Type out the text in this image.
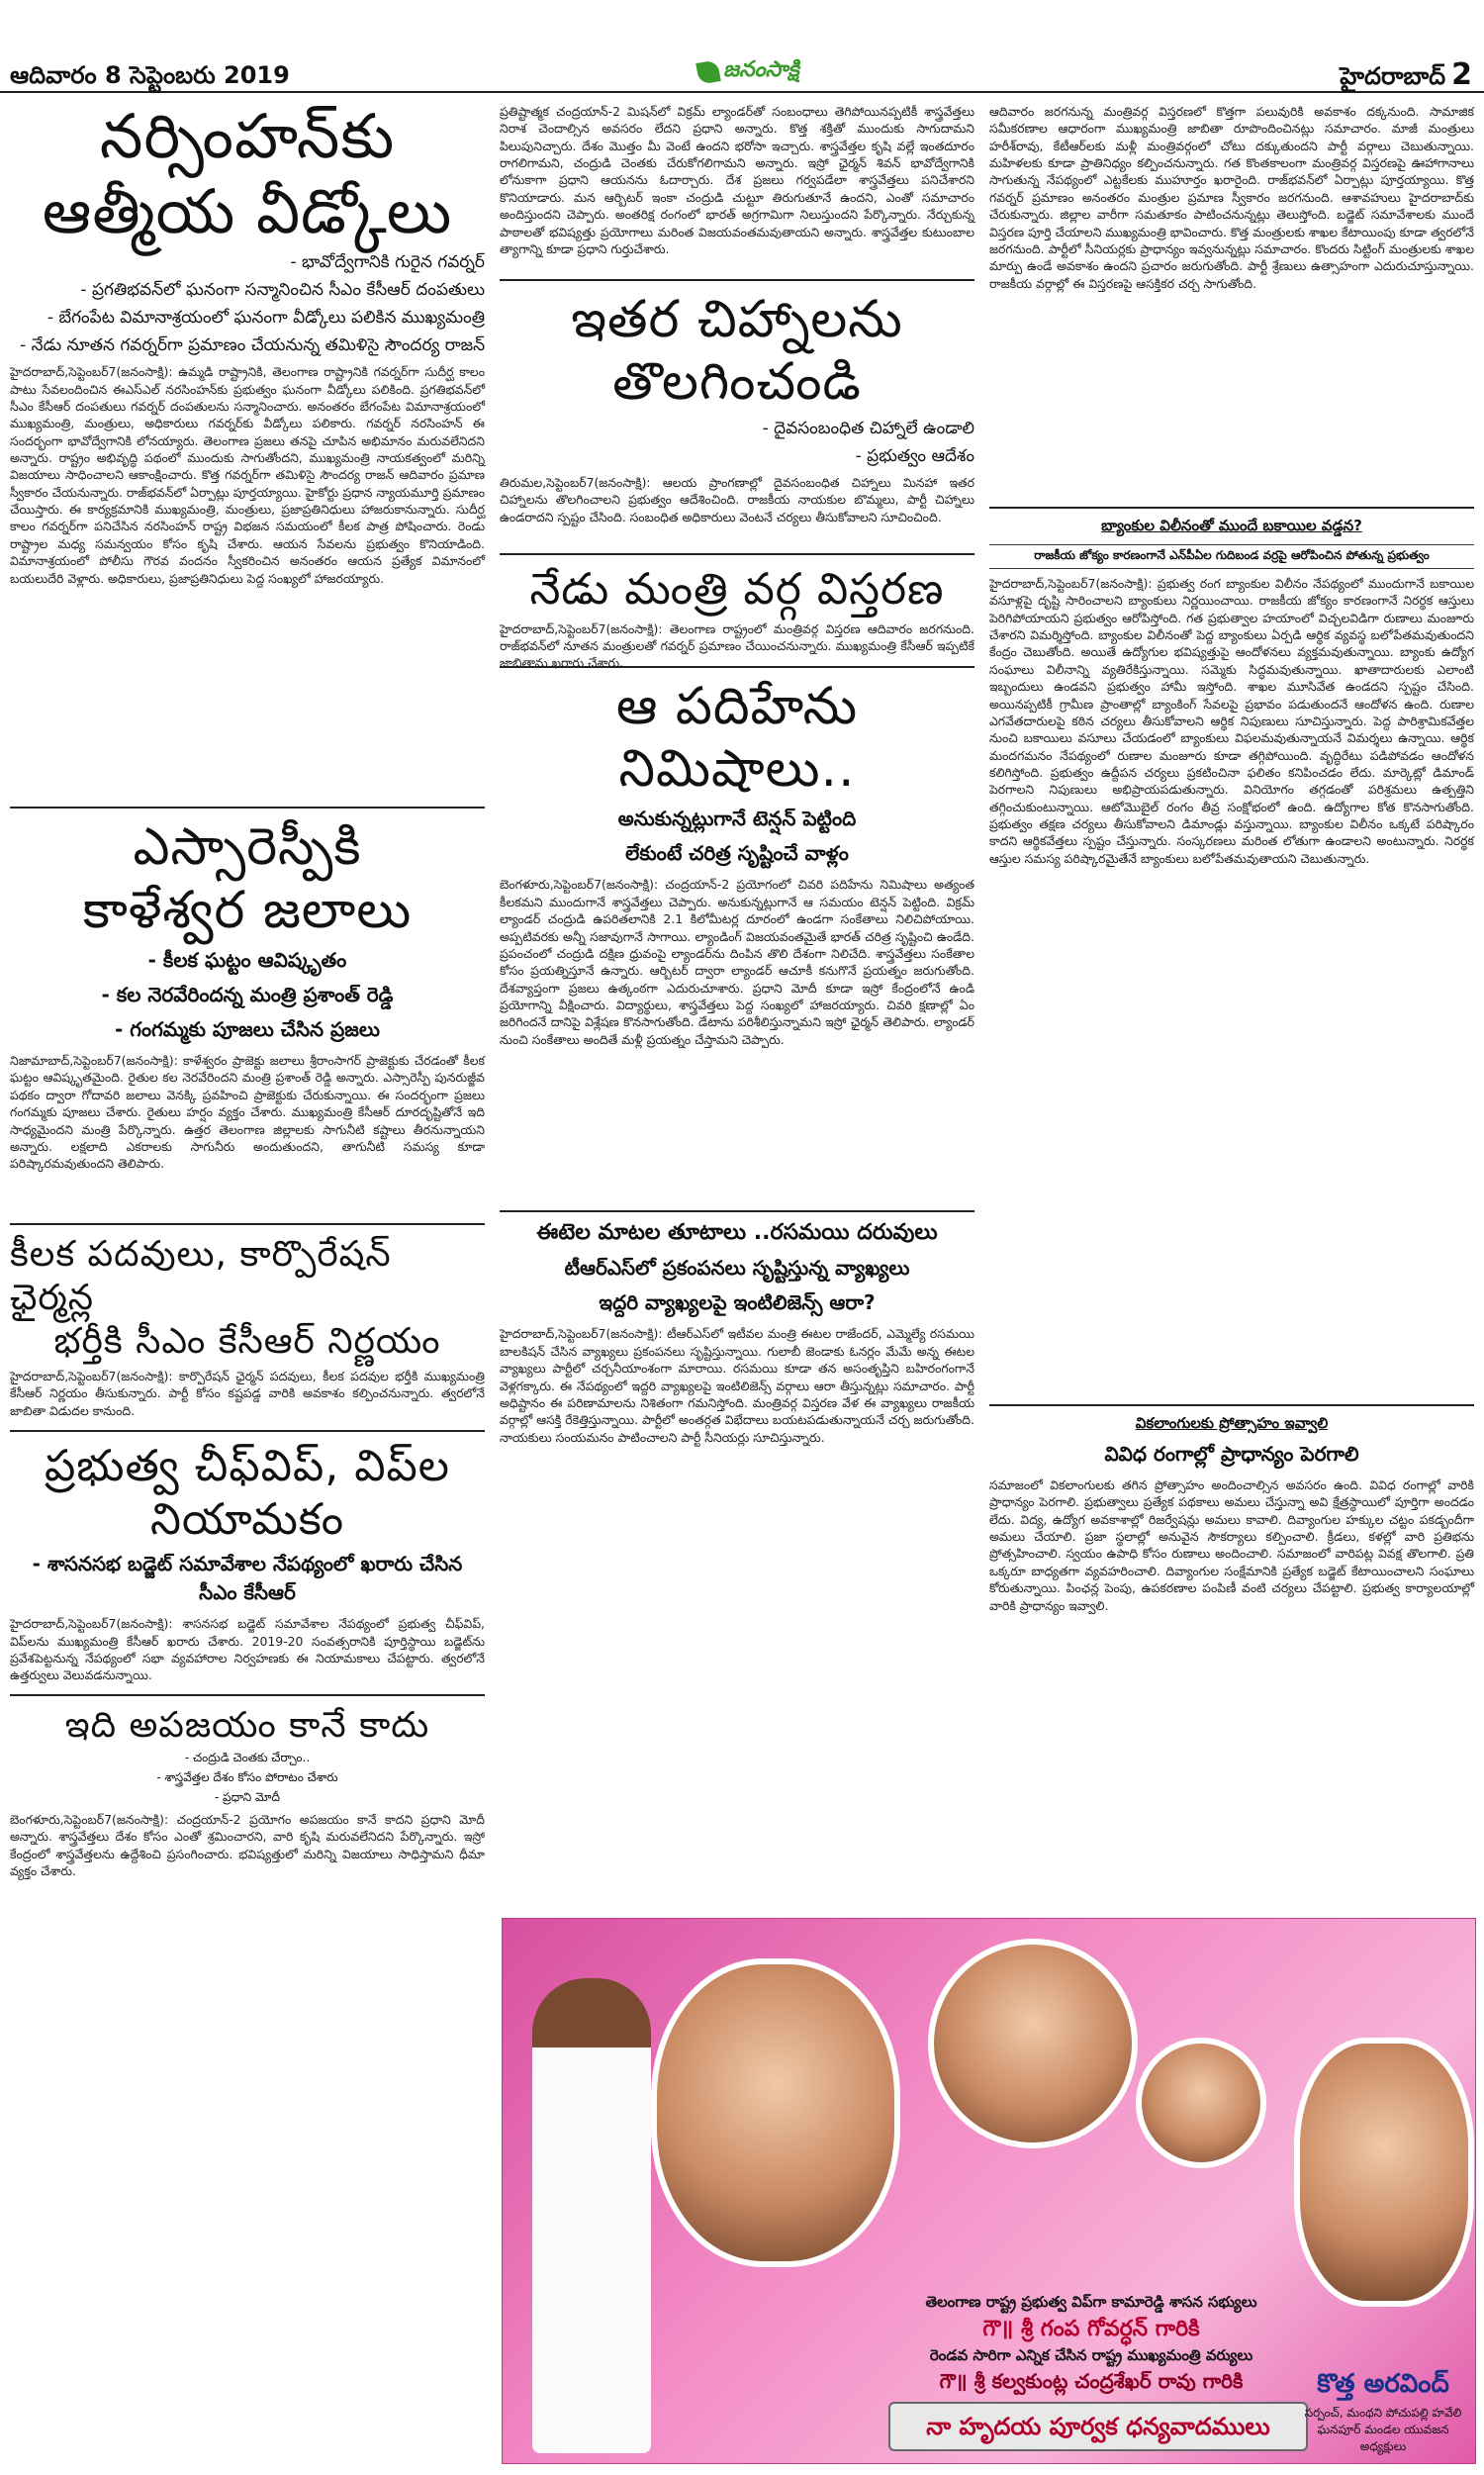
ఆదివారం 8 సెప్టెంబరు 2019	జనంసాక్షి	హైదరాబాద్ 2
నర్సింహన్‌కు
ఆత్మీయ వీడ్కోలు
- భావోద్వేగానికి గురైన గవర్నర్
- ప్రగతిభవన్‌లో ఘనంగా సన్మానించిన సీఎం కేసీఆర్ దంపతులు
- బేగంపేట విమానాశ్రయంలో ఘనంగా వీడ్కోలు పలికిన ముఖ్యమంత్రి
- నేడు నూతన గవర్నర్‌గా ప్రమాణం చేయనున్న తమిళిసై సౌందర్య రాజన్

హైదరాబాద్,సెప్టెంబర్7(జనంసాక్షి): ఉమ్మడి రాష్ట్రానికి, తెలంగాణ రాష్ట్రానికి గవర్నర్‌గా సుదీర్ఘ కాలం పాటు సేవలందించిన ఈఎస్‌ఎల్ నరసింహన్‌కు ప్రభుత్వం ఘనంగా వీడ్కోలు పలికింది. ప్రగతిభవన్‌లో సీఎం కేసీఆర్ దంపతులు గవర్నర్ దంపతులను సన్మానించారు. అనంతరం బేగంపేట విమానాశ్రయంలో ముఖ్యమంత్రి, మంత్రులు, అధికారులు గవర్నర్‌కు వీడ్కోలు పలికారు. గవర్నర్ నరసింహన్ ఈ సందర్భంగా భావోద్వేగానికి లోనయ్యారు. తెలంగాణ ప్రజలు తనపై చూపిన అభిమానం మరువలేనిదని అన్నారు. రాష్ట్రం అభివృద్ధి పథంలో ముందుకు సాగుతోందని, ముఖ్యమంత్రి నాయకత్వంలో మరిన్ని విజయాలు సాధించాలని ఆకాంక్షించారు. కొత్త గవర్నర్‌గా తమిళిసై సౌందర్య రాజన్ ఆదివారం ప్రమాణ స్వీకారం చేయనున్నారు. రాజ్‌భవన్‌లో ఏర్పాట్లు పూర్తయ్యాయి. హైకోర్టు ప్రధాన న్యాయమూర్తి ప్రమాణం చేయిస్తారు. ఈ కార్యక్రమానికి ముఖ్యమంత్రి, మంత్రులు, ప్రజాప్రతినిధులు హాజరుకానున్నారు. సుదీర్ఘ కాలం గవర్నర్‌గా పనిచేసిన నరసింహన్ రాష్ట్ర విభజన సమయంలో కీలక పాత్ర పోషించారు. రెండు రాష్ట్రాల మధ్య సమన్వయం కోసం కృషి చేశారు. ఆయన సేవలను ప్రభుత్వం కొనియాడింది. విమానాశ్రయంలో పోలీసు గౌరవ వందనం స్వీకరించిన అనంతరం ఆయన ప్రత్యేక విమానంలో బయలుదేరి వెళ్లారు. అధికారులు, ప్రజాప్రతినిధులు పెద్ద సంఖ్యలో హాజరయ్యారు.

ఎస్సారెస్పీకి
కాళేశ్వర జలాలు
- కీలక ఘట్టం ఆవిష్కృతం
- కల నెరవేరిందన్న మంత్రి ప్రశాంత్ రెడ్డి
- గంగమ్మకు పూజలు చేసిన ప్రజలు

నిజామాబాద్,సెప్టెంబర్7(జనంసాక్షి): కాళేశ్వరం ప్రాజెక్టు జలాలు శ్రీరాంసాగర్ ప్రాజెక్టుకు చేరడంతో కీలక ఘట్టం ఆవిష్కృతమైంది. రైతుల కల నెరవేరిందని మంత్రి ప్రశాంత్ రెడ్డి అన్నారు. ఎస్సారెస్పీ పునరుజ్జీవ పథకం ద్వారా గోదావరి జలాలు వెనక్కి ప్రవహించి ప్రాజెక్టుకు చేరుకున్నాయి. ఈ సందర్భంగా ప్రజలు గంగమ్మకు పూజలు చేశారు. రైతులు హర్షం వ్యక్తం చేశారు. ముఖ్యమంత్రి కేసీఆర్ దూరదృష్టితోనే ఇది సాధ్యమైందని మంత్రి పేర్కొన్నారు. ఉత్తర తెలంగాణ జిల్లాలకు సాగునీటి కష్టాలు తీరనున్నాయని అన్నారు. లక్షలాది ఎకరాలకు సాగునీరు అందుతుందని, తాగునీటి సమస్య కూడా పరిష్కారమవుతుందని తెలిపారు.

కీలక పదవులు, కార్పొరేషన్ ఛైర్మన్ల
భర్తీకి సీఎం కేసీఆర్ నిర్ణయం

హైదరాబాద్,సెప్టెంబర్7(జనంసాక్షి): కార్పొరేషన్ ఛైర్మన్ పదవులు, కీలక పదవుల భర్తీకి ముఖ్యమంత్రి కేసీఆర్ నిర్ణయం తీసుకున్నారు. పార్టీ కోసం కష్టపడ్డ వారికి అవకాశం కల్పించనున్నారు. త్వరలోనే జాబితా విడుదల కానుంది.

ప్రభుత్వ చీఫ్‌విప్, విప్‌ల
నియామకం
- శాసనసభ బడ్జెట్ సమావేశాల నేపథ్యంలో ఖరారు చేసిన సీఎం కేసీఆర్

హైదరాబాద్,సెప్టెంబర్7(జనంసాక్షి): శాసనసభ బడ్జెట్ సమావేశాల నేపథ్యంలో ప్రభుత్వ చీఫ్‌విప్, విప్‌లను ముఖ్యమంత్రి కేసీఆర్ ఖరారు చేశారు. 2019-20 సంవత్సరానికి పూర్తిస్థాయి బడ్జెట్‌ను ప్రవేశపెట్టనున్న నేపథ్యంలో సభా వ్యవహారాల నిర్వహణకు ఈ నియామకాలు చేపట్టారు. త్వరలోనే ఉత్తర్వులు వెలువడనున్నాయి.

ఇది అపజయం కానే కాదు
- చంద్రుడి చెంతకు చేర్చాం..
- శాస్త్రవేత్తల దేశం కోసం పోరాటం చేశారు
- ప్రధాని మోదీ

బెంగళూరు,సెప్టెంబర్7(జనంసాక్షి): చంద్రయాన్-2 ప్రయోగం అపజయం కానే కాదని ప్రధాని మోదీ అన్నారు. శాస్త్రవేత్తలు దేశం కోసం ఎంతో శ్రమించారని, వారి కృషి మరువలేనిదని పేర్కొన్నారు. ఇస్రో కేంద్రంలో శాస్త్రవేత్తలను ఉద్దేశించి ప్రసంగించారు. భవిష్యత్తులో మరిన్ని విజయాలు సాధిస్తామని ధీమా వ్యక్తం చేశారు.

ప్రతిష్టాత్మక చంద్రయాన్-2 మిషన్‌లో విక్రమ్ ల్యాండర్‌తో సంబంధాలు తెగిపోయినప్పటికీ శాస్త్రవేత్తలు నిరాశ చెందాల్సిన అవసరం లేదని ప్రధాని అన్నారు. కొత్త శక్తితో ముందుకు సాగుదామని పిలుపునిచ్చారు. దేశం మొత్తం మీ వెంటే ఉందని భరోసా ఇచ్చారు. శాస్త్రవేత్తల కృషి వల్లే ఇంతదూరం రాగలిగామని, చంద్రుడి చెంతకు చేరుకోగలిగామని అన్నారు. ఇస్రో ఛైర్మన్ శివన్ భావోద్వేగానికి లోనుకాగా ప్రధాని ఆయనను ఓదార్చారు. దేశ ప్రజలు గర్వపడేలా శాస్త్రవేత్తలు పనిచేశారని కొనియాడారు. మన ఆర్బిటర్ ఇంకా చంద్రుడి చుట్టూ తిరుగుతూనే ఉందని, ఎంతో సమాచారం అందిస్తుందని చెప్పారు. అంతరిక్ష రంగంలో భారత్ అగ్రగామిగా నిలుస్తుందని పేర్కొన్నారు. నేర్చుకున్న పాఠాలతో భవిష్యత్తు ప్రయోగాలు మరింత విజయవంతమవుతాయని అన్నారు. శాస్త్రవేత్తల కుటుంబాల త్యాగాన్ని కూడా ప్రధాని గుర్తుచేశారు.

ఇతర చిహ్నాలను
తొలగించండి
- దైవసంబంధిత చిహ్నాలే ఉండాలి
- ప్రభుత్వం ఆదేశం

తిరుమల,సెప్టెంబర్7(జనంసాక్షి): ఆలయ ప్రాంగణాల్లో దైవసంబంధిత చిహ్నాలు మినహా ఇతర చిహ్నాలను తొలగించాలని ప్రభుత్వం ఆదేశించింది. రాజకీయ నాయకుల బొమ్మలు, పార్టీ చిహ్నాలు ఉండరాదని స్పష్టం చేసింది. సంబంధిత అధికారులు వెంటనే చర్యలు తీసుకోవాలని సూచించింది.

నేడు మంత్రి వర్గ విస్తరణ

హైదరాబాద్,సెప్టెంబర్7(జనంసాక్షి): తెలంగాణ రాష్ట్రంలో మంత్రివర్గ విస్తరణ ఆదివారం జరగనుంది. రాజ్‌భవన్‌లో నూతన మంత్రులతో గవర్నర్ ప్రమాణం చేయించనున్నారు. ముఖ్యమంత్రి కేసీఆర్ ఇప్పటికే జాబితాను ఖరారు చేశారు.

ఆ పదిహేను
నిమిషాలు..
అనుకున్నట్లుగానే టెన్షన్ పెట్టింది
లేకుంటే చరిత్ర సృష్టించే వాళ్లం

బెంగళూరు,సెప్టెంబర్7(జనంసాక్షి): చంద్రయాన్-2 ప్రయోగంలో చివరి పదిహేను నిమిషాలు అత్యంత కీలకమని ముందుగానే శాస్త్రవేత్తలు చెప్పారు. అనుకున్నట్లుగానే ఆ సమయం టెన్షన్ పెట్టింది. విక్రమ్ ల్యాండర్ చంద్రుడి ఉపరితలానికి 2.1 కిలోమీటర్ల దూరంలో ఉండగా సంకేతాలు నిలిచిపోయాయి. అప్పటివరకు అన్నీ సజావుగానే సాగాయి. ల్యాండింగ్ విజయవంతమైతే భారత్ చరిత్ర సృష్టించి ఉండేది. ప్రపంచంలో చంద్రుడి దక్షిణ ధ్రువంపై ల్యాండర్‌ను దింపిన తొలి దేశంగా నిలిచేది. శాస్త్రవేత్తలు సంకేతాల కోసం ప్రయత్నిస్తూనే ఉన్నారు. ఆర్బిటర్ ద్వారా ల్యాండర్ ఆచూకీ కనుగొనే ప్రయత్నం జరుగుతోంది. దేశవ్యాప్తంగా ప్రజలు ఉత్కంఠగా ఎదురుచూశారు. ప్రధాని మోదీ కూడా ఇస్రో కేంద్రంలోనే ఉండి ప్రయోగాన్ని వీక్షించారు. విద్యార్థులు, శాస్త్రవేత్తలు పెద్ద సంఖ్యలో హాజరయ్యారు. చివరి క్షణాల్లో ఏం జరిగిందనే దానిపై విశ్లేషణ కొనసాగుతోంది. డేటాను పరిశీలిస్తున్నామని ఇస్రో ఛైర్మన్ తెలిపారు. ల్యాండర్ నుంచి సంకేతాలు అందితే మళ్లీ ప్రయత్నం చేస్తామని చెప్పారు.

ఈటెల మాటల తూటాలు ..రసమయి దరువులు
టీఆర్‌ఎస్‌లో ప్రకంపనలు సృష్టిస్తున్న వ్యాఖ్యలు
ఇద్దరి వ్యాఖ్యలపై ఇంటిలిజెన్స్ ఆరా?

హైదరాబాద్,సెప్టెంబర్7(జనంసాక్షి): టీఆర్‌ఎస్‌లో ఇటీవల మంత్రి ఈటల రాజేందర్, ఎమ్మెల్యే రసమయి బాలకిషన్ చేసిన వ్యాఖ్యలు ప్రకంపనలు సృష్టిస్తున్నాయి. గులాబీ జెండాకు ఓనర్లం మేమే అన్న ఈటల వ్యాఖ్యలు పార్టీలో చర్చనీయాంశంగా మారాయి. రసమయి కూడా తన అసంతృప్తిని బహిరంగంగానే వెళ్లగక్కారు. ఈ నేపథ్యంలో ఇద్దరి వ్యాఖ్యలపై ఇంటిలిజెన్స్ వర్గాలు ఆరా తీస్తున్నట్లు సమాచారం. పార్టీ అధిష్టానం ఈ పరిణామాలను నిశితంగా గమనిస్తోంది. మంత్రివర్గ విస్తరణ వేళ ఈ వ్యాఖ్యలు రాజకీయ వర్గాల్లో ఆసక్తి రేకెత్తిస్తున్నాయి. పార్టీలో అంతర్గత విభేదాలు బయటపడుతున్నాయనే చర్చ జరుగుతోంది. నాయకులు సంయమనం పాటించాలని పార్టీ సీనియర్లు సూచిస్తున్నారు.

ఆదివారం జరగనున్న మంత్రివర్గ విస్తరణలో కొత్తగా పలువురికి అవకాశం దక్కనుంది. సామాజిక సమీకరణాల ఆధారంగా ముఖ్యమంత్రి జాబితా రూపొందించినట్లు సమాచారం. మాజీ మంత్రులు హరీశ్‌రావు, కేటీఆర్‌లకు మళ్లీ మంత్రివర్గంలో చోటు దక్కుతుందని పార్టీ వర్గాలు చెబుతున్నాయి. మహిళలకు కూడా ప్రాతినిధ్యం కల్పించనున్నారు. గత కొంతకాలంగా మంత్రివర్గ విస్తరణపై ఊహాగానాలు సాగుతున్న నేపథ్యంలో ఎట్టకేలకు ముహూర్తం ఖరారైంది. రాజ్‌భవన్‌లో ఏర్పాట్లు పూర్తయ్యాయి. కొత్త గవర్నర్ ప్రమాణం అనంతరం మంత్రుల ప్రమాణ స్వీకారం జరగనుంది. ఆశావహులు హైదరాబాద్‌కు చేరుకున్నారు. జిల్లాల వారీగా సమతూకం పాటించనున్నట్లు తెలుస్తోంది. బడ్జెట్ సమావేశాలకు ముందే విస్తరణ పూర్తి చేయాలని ముఖ్యమంత్రి భావించారు. కొత్త మంత్రులకు శాఖల కేటాయింపు కూడా త్వరలోనే జరగనుంది. పార్టీలో సీనియర్లకు ప్రాధాన్యం ఇవ్వనున్నట్లు సమాచారం. కొందరు సిట్టింగ్ మంత్రులకు శాఖల మార్పు ఉండే అవకాశం ఉందని ప్రచారం జరుగుతోంది. పార్టీ శ్రేణులు ఉత్సాహంగా ఎదురుచూస్తున్నాయి. రాజకీయ వర్గాల్లో ఈ విస్తరణపై ఆసక్తికర చర్చ సాగుతోంది.

బ్యాంకుల విలీనంతో ముందే బకాయిల వడ్డన?
రాజకీయ జోక్యం కారణంగానే ఎన్‌పీఏల గుదిబండ వర్రపై ఆరోపించిన పోతున్న ప్రభుత్వం

హైదరాబాద్,సెప్టెంబర్7(జనంసాక్షి): ప్రభుత్వ రంగ బ్యాంకుల విలీనం నేపథ్యంలో ముందుగానే బకాయిల వసూళ్లపై దృష్టి సారించాలని బ్యాంకులు నిర్ణయించాయి. రాజకీయ జోక్యం కారణంగానే నిరర్థక ఆస్తులు పెరిగిపోయాయని ప్రభుత్వం ఆరోపిస్తోంది. గత ప్రభుత్వాల హయాంలో విచ్చలవిడిగా రుణాలు మంజూరు చేశారని విమర్శిస్తోంది. బ్యాంకుల విలీనంతో పెద్ద బ్యాంకులు ఏర్పడి ఆర్థిక వ్యవస్థ బలోపేతమవుతుందని కేంద్రం చెబుతోంది. అయితే ఉద్యోగుల భవిష్యత్తుపై ఆందోళనలు వ్యక్తమవుతున్నాయి. బ్యాంకు ఉద్యోగ సంఘాలు విలీనాన్ని వ్యతిరేకిస్తున్నాయి. సమ్మెకు సిద్ధమవుతున్నాయి. ఖాతాదారులకు ఎలాంటి ఇబ్బందులు ఉండవని ప్రభుత్వం హామీ ఇస్తోంది. శాఖల మూసివేత ఉండదని స్పష్టం చేసింది. అయినప్పటికీ గ్రామీణ ప్రాంతాల్లో బ్యాంకింగ్ సేవలపై ప్రభావం పడుతుందనే ఆందోళన ఉంది. రుణాల ఎగవేతదారులపై కఠిన చర్యలు తీసుకోవాలని ఆర్థిక నిపుణులు సూచిస్తున్నారు. పెద్ద పారిశ్రామికవేత్తల నుంచి బకాయిలు వసూలు చేయడంలో బ్యాంకులు విఫలమవుతున్నాయనే విమర్శలు ఉన్నాయి. ఆర్థిక మందగమనం నేపథ్యంలో రుణాల మంజూరు కూడా తగ్గిపోయింది. వృద్ధిరేటు పడిపోవడం ఆందోళన కలిగిస్తోంది. ప్రభుత్వం ఉద్దీపన చర్యలు ప్రకటించినా ఫలితం కనిపించడం లేదు. మార్కెట్లో డిమాండ్ పెరగాలని నిపుణులు అభిప్రాయపడుతున్నారు. వినియోగం తగ్గడంతో పరిశ్రమలు ఉత్పత్తిని తగ్గించుకుంటున్నాయి. ఆటోమొబైల్ రంగం తీవ్ర సంక్షోభంలో ఉంది. ఉద్యోగాల కోత కొనసాగుతోంది. ప్రభుత్వం తక్షణ చర్యలు తీసుకోవాలని డిమాండ్లు వస్తున్నాయి. బ్యాంకుల విలీనం ఒక్కటే పరిష్కారం కాదని ఆర్థికవేత్తలు స్పష్టం చేస్తున్నారు. సంస్కరణలు మరింత లోతుగా ఉండాలని అంటున్నారు. నిరర్థక ఆస్తుల సమస్య పరిష్కారమైతేనే బ్యాంకులు బలోపేతమవుతాయని చెబుతున్నారు.

వికలాంగులకు ప్రోత్సాహం ఇవ్వాలి
వివిధ రంగాల్లో ప్రాధాన్యం పెరగాలి

సమాజంలో వికలాంగులకు తగిన ప్రోత్సాహం అందించాల్సిన అవసరం ఉంది. వివిధ రంగాల్లో వారికి ప్రాధాన్యం పెరగాలి. ప్రభుత్వాలు ప్రత్యేక పథకాలు అమలు చేస్తున్నా అవి క్షేత్రస్థాయిలో పూర్తిగా అందడం లేదు. విద్య, ఉద్యోగ అవకాశాల్లో రిజర్వేషన్లు అమలు కావాలి. దివ్యాంగుల హక్కుల చట్టం పకడ్బందీగా అమలు చేయాలి. ప్రజా స్థలాల్లో అనువైన సౌకర్యాలు కల్పించాలి. క్రీడలు, కళల్లో వారి ప్రతిభను ప్రోత్సహించాలి. స్వయం ఉపాధి కోసం రుణాలు అందించాలి. సమాజంలో వారిపట్ల వివక్ష తొలగాలి. ప్రతి ఒక్కరూ బాధ్యతగా వ్యవహరించాలి. దివ్యాంగుల సంక్షేమానికి ప్రత్యేక బడ్జెట్ కేటాయించాలని సంఘాలు కోరుతున్నాయి. పింఛన్ల పెంపు, ఉపకరణాల పంపిణీ వంటి చర్యలు చేపట్టాలి. ప్రభుత్వ కార్యాలయాల్లో వారికి ప్రాధాన్యం ఇవ్వాలి.

తెలంగాణ రాష్ట్ర ప్రభుత్వ విప్‌గా కామారెడ్డి శాసన సభ్యులు
గౌ॥ శ్రీ గంప గోవర్ధన్ గారికి
రెండవ సారిగా ఎన్నిక చేసిన రాష్ట్ర ముఖ్యమంత్రి వర్యులు
గౌ॥ శ్రీ కల్వకుంట్ల చంద్రశేఖర్ రావు గారికి
నా హృదయ పూర్వక ధన్యవాదములు
కొత్త అరవింద్
సర్పంచ్, మంథని పోచుపల్లి హవేలి ఘనపూర్ మండల యువజన అధ్యక్షులు
